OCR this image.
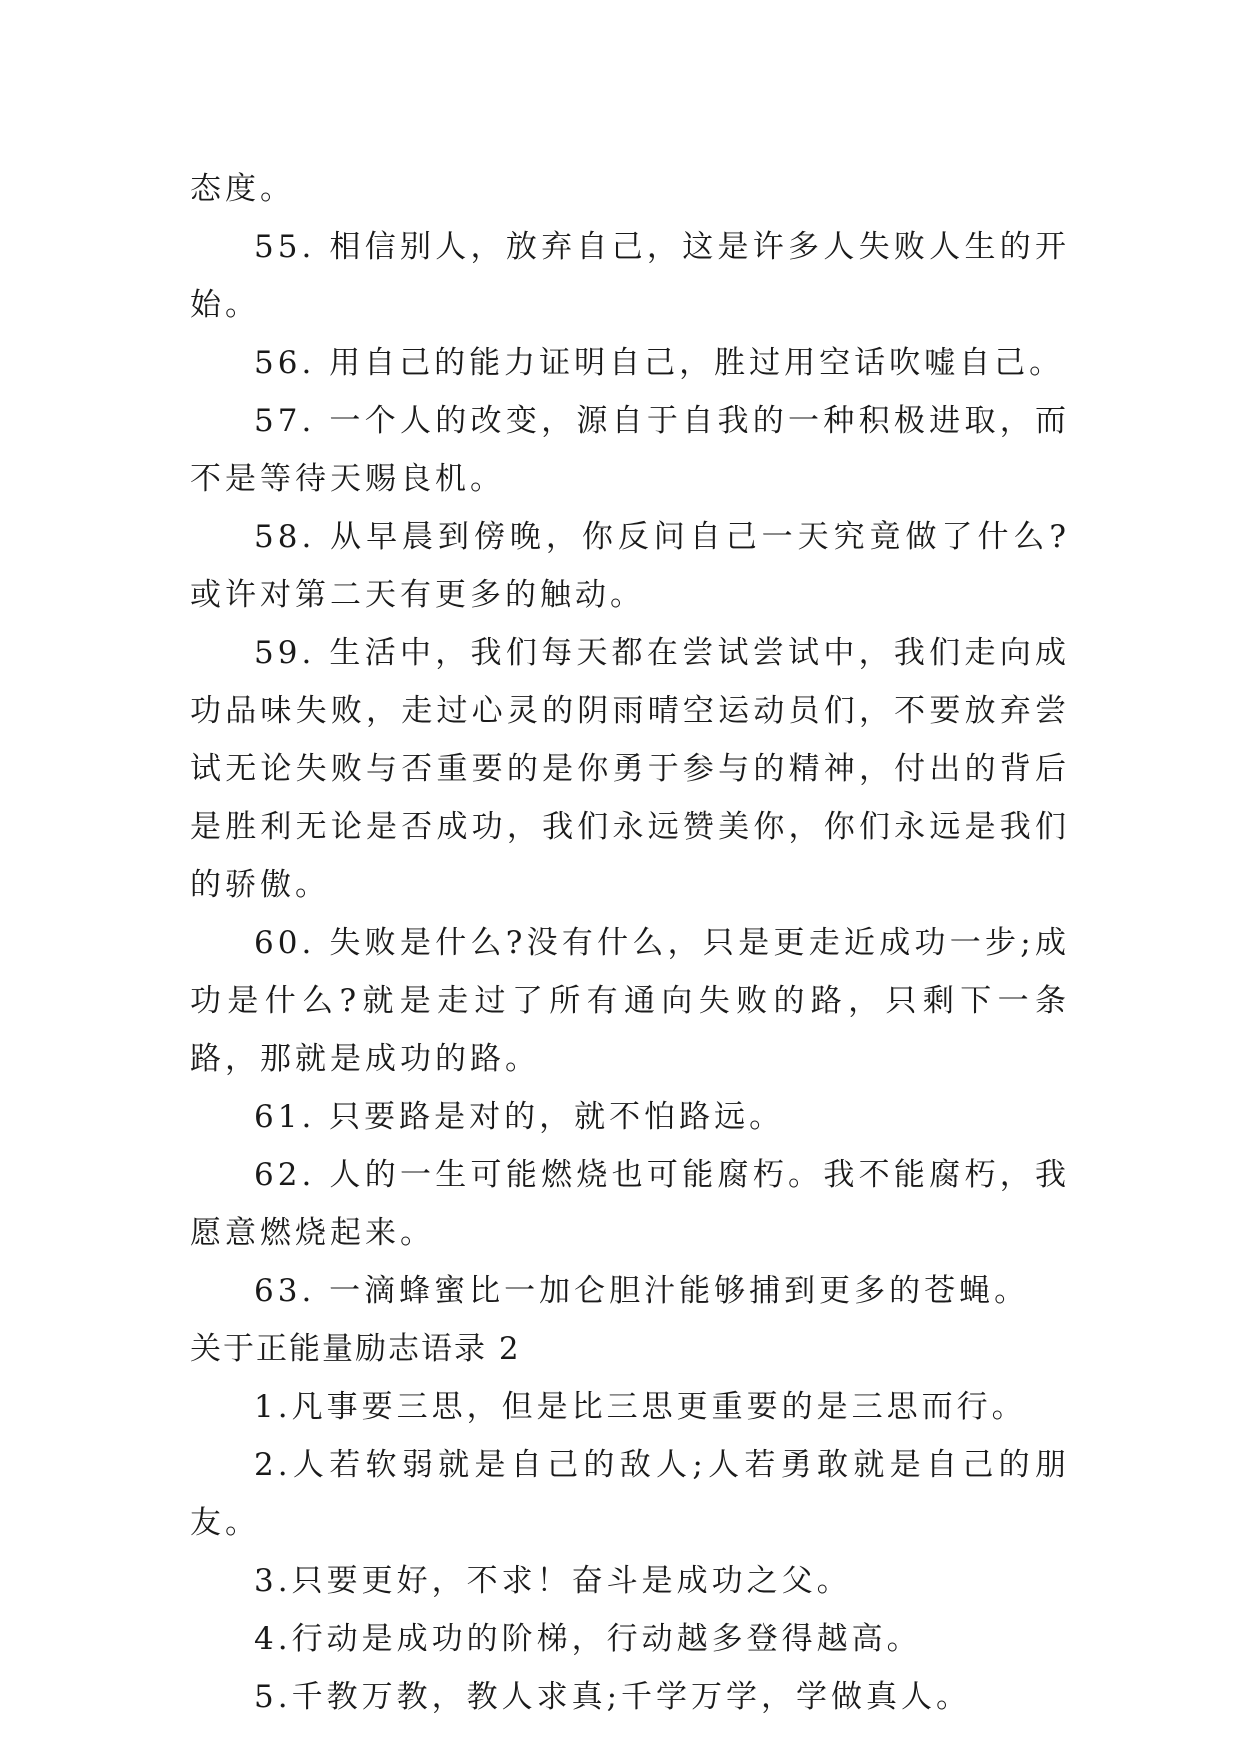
态度。

55. 相信别人，放弃自己，这是许多人失败人生的开始。

56. 用自己的能力证明自己，胜过用空话吹嘘自己。

57. 一个人的改变，源自于自我的一种积极进取，而不是等待天赐良机。

58. 从早晨到傍晚，你反问自己一天究竟做了什么?或许对第二天有更多的触动。

59. 生活中，我们每天都在尝试尝试中，我们走向成功品味失败，走过心灵的阴雨晴空运动员们，不要放弃尝试无论失败与否重要的是你勇于参与的精神，付出的背后是胜利无论是否成功，我们永远赞美你，你们永远是我们的骄傲。

60. 失败是什么?没有什么，只是更走近成功一步;成功是什么?就是走过了所有通向失败的路，只剩下一条路，那就是成功的路。

61. 只要路是对的，就不怕路远。

62. 人的一生可能燃烧也可能腐朽。我不能腐朽，我愿意燃烧起来。

63. 一滴蜂蜜比一加仑胆汁能够捕到更多的苍蝇。

关于正能量励志语录 2

1.凡事要三思，但是比三思更重要的是三思而行。

2.人若软弱就是自己的敌人;人若勇敢就是自己的朋友。

3.只要更好，不求！奋斗是成功之父。

4.行动是成功的阶梯，行动越多登得越高。

5.千教万教，教人求真;千学万学，学做真人。
